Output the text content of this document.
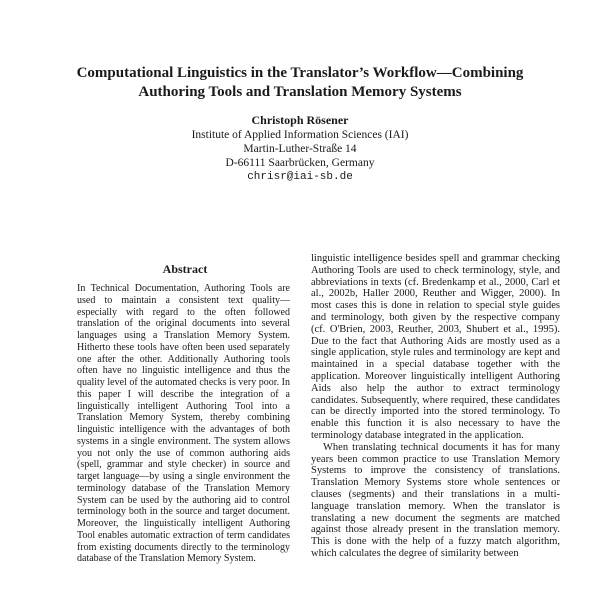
Computational Linguistics in the Translator’s Workflow—Combining
Authoring Tools and Translation Memory Systems
Christoph Rösener
Institute of Applied Information Sciences (IAI)
Martin-Luther-Straße 14
D-66111 Saarbrücken, Germany
chrisr@iai-sb.de
Abstract

In Technical Documentation, Authoring Tools are used to maintain a consistent text quality—especially with regard to the often followed translation of the original documents into several languages using a Translation Memory System. Hitherto these tools have often been used separately one after the other. Additionally Authoring tools often have no linguistic intelligence and thus the quality level of the automated checks is very poor. In this paper I will describe the integration of a linguistically intelligent Authoring Tool into a Translation Memory System, thereby combining linguistic intelligence with the advantages of both systems in a single environment. The system allows you not only the use of common authoring aids (spell, grammar and style checker) in source and target language—by using a single environment the terminology database of the Translation Memory System can be used by the authoring aid to control terminology both in the source and target document. Moreover, the linguistically intelligent Authoring Tool enables automatic extraction of term candidates from existing documents directly to the terminology database of the Translation Memory System.

linguistic intelligence besides spell and grammar checking Authoring Tools are used to check terminology, style, and abbreviations in texts (cf. Bredenkamp et al., 2000, Carl et al., 2002b, Haller 2000, Reuther and Wigger, 2000). In most cases this is done in relation to special style guides and terminology, both given by the respective company (cf. O'Brien, 2003, Reuther, 2003, Shubert et al., 1995). Due to the fact that Authoring Aids are mostly used as a single application, style rules and terminology are kept and maintained in a special database together with the application. Moreover linguistically intelligent Authoring Aids also help the author to extract terminology candidates. Subsequently, where required, these candidates can be directly imported into the stored terminology. To enable this function it is also necessary to have the terminology database integrated in the application.

When translating technical documents it has for many years been common practice to use Translation Memory Systems to improve the consistency of translations. Translation Memory Systems store whole sentences or clauses (segments) and their translations in a multi-language translation memory. When the translator is translating a new document the segments are matched against those already present in the translation memory. This is done with the help of a fuzzy match algorithm, which calculates the degree of similarity between
